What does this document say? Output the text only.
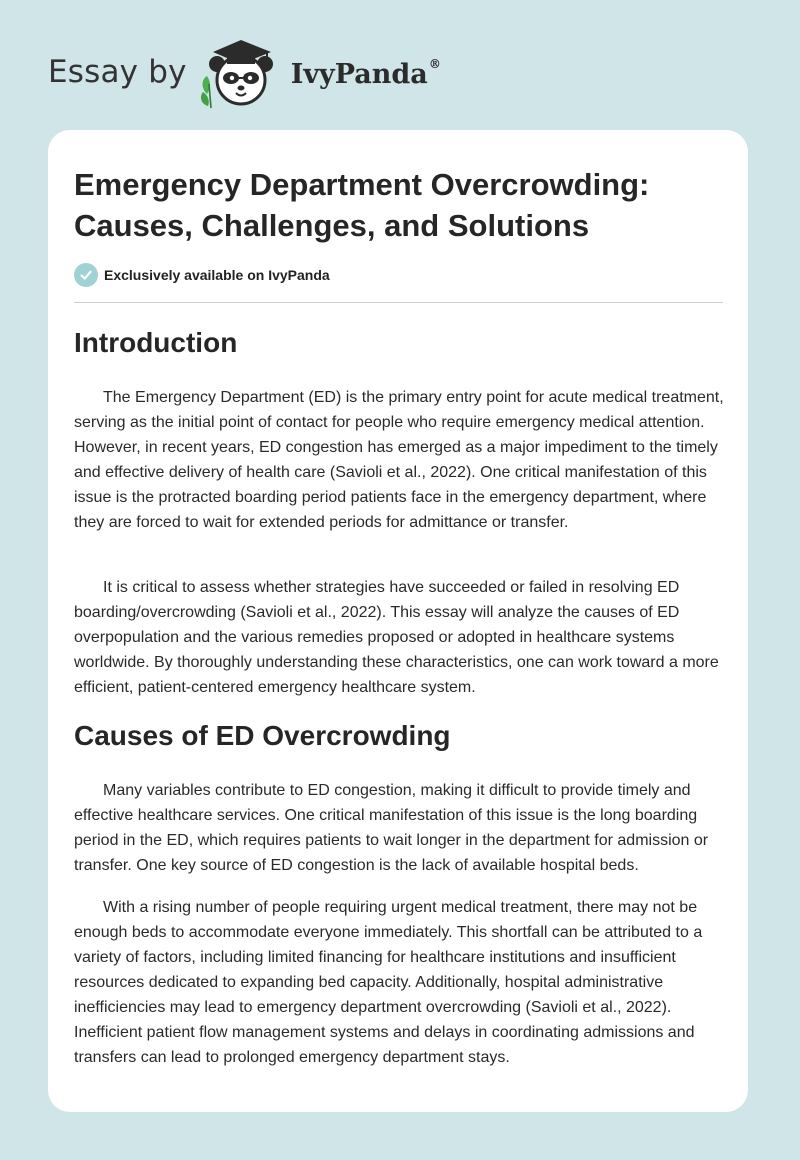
Essay by	IvyPanda®
Emergency Department Overcrowding: Causes, Challenges, and Solutions
Exclusively available on IvyPanda
Introduction

The Emergency Department (ED) is the primary entry point for acute medical treatment, serving as the initial point of contact for people who require emergency medical attention. However, in recent years, ED congestion has emerged as a major impediment to the timely and effective delivery of health care (Savioli et al., 2022). One critical manifestation of this issue is the protracted boarding period patients face in the emergency department, where they are forced to wait for extended periods for admittance or transfer.

It is critical to assess whether strategies have succeeded or failed in resolving ED boarding/overcrowding (Savioli et al., 2022). This essay will analyze the causes of ED overpopulation and the various remedies proposed or adopted in healthcare systems worldwide. By thoroughly understanding these characteristics, one can work toward a more efficient, patient-centered emergency healthcare system.

Causes of ED Overcrowding

Many variables contribute to ED congestion, making it difficult to provide timely and effective healthcare services. One critical manifestation of this issue is the long boarding period in the ED, which requires patients to wait longer in the department for admission or transfer. One key source of ED congestion is the lack of available hospital beds.

With a rising number of people requiring urgent medical treatment, there may not be enough beds to accommodate everyone immediately. This shortfall can be attributed to a variety of factors, including limited financing for healthcare institutions and insufficient resources dedicated to expanding bed capacity. Additionally, hospital administrative inefficiencies may lead to emergency department overcrowding (Savioli et al., 2022). Inefficient patient flow management systems and delays in coordinating admissions and transfers can lead to prolonged emergency department stays.
